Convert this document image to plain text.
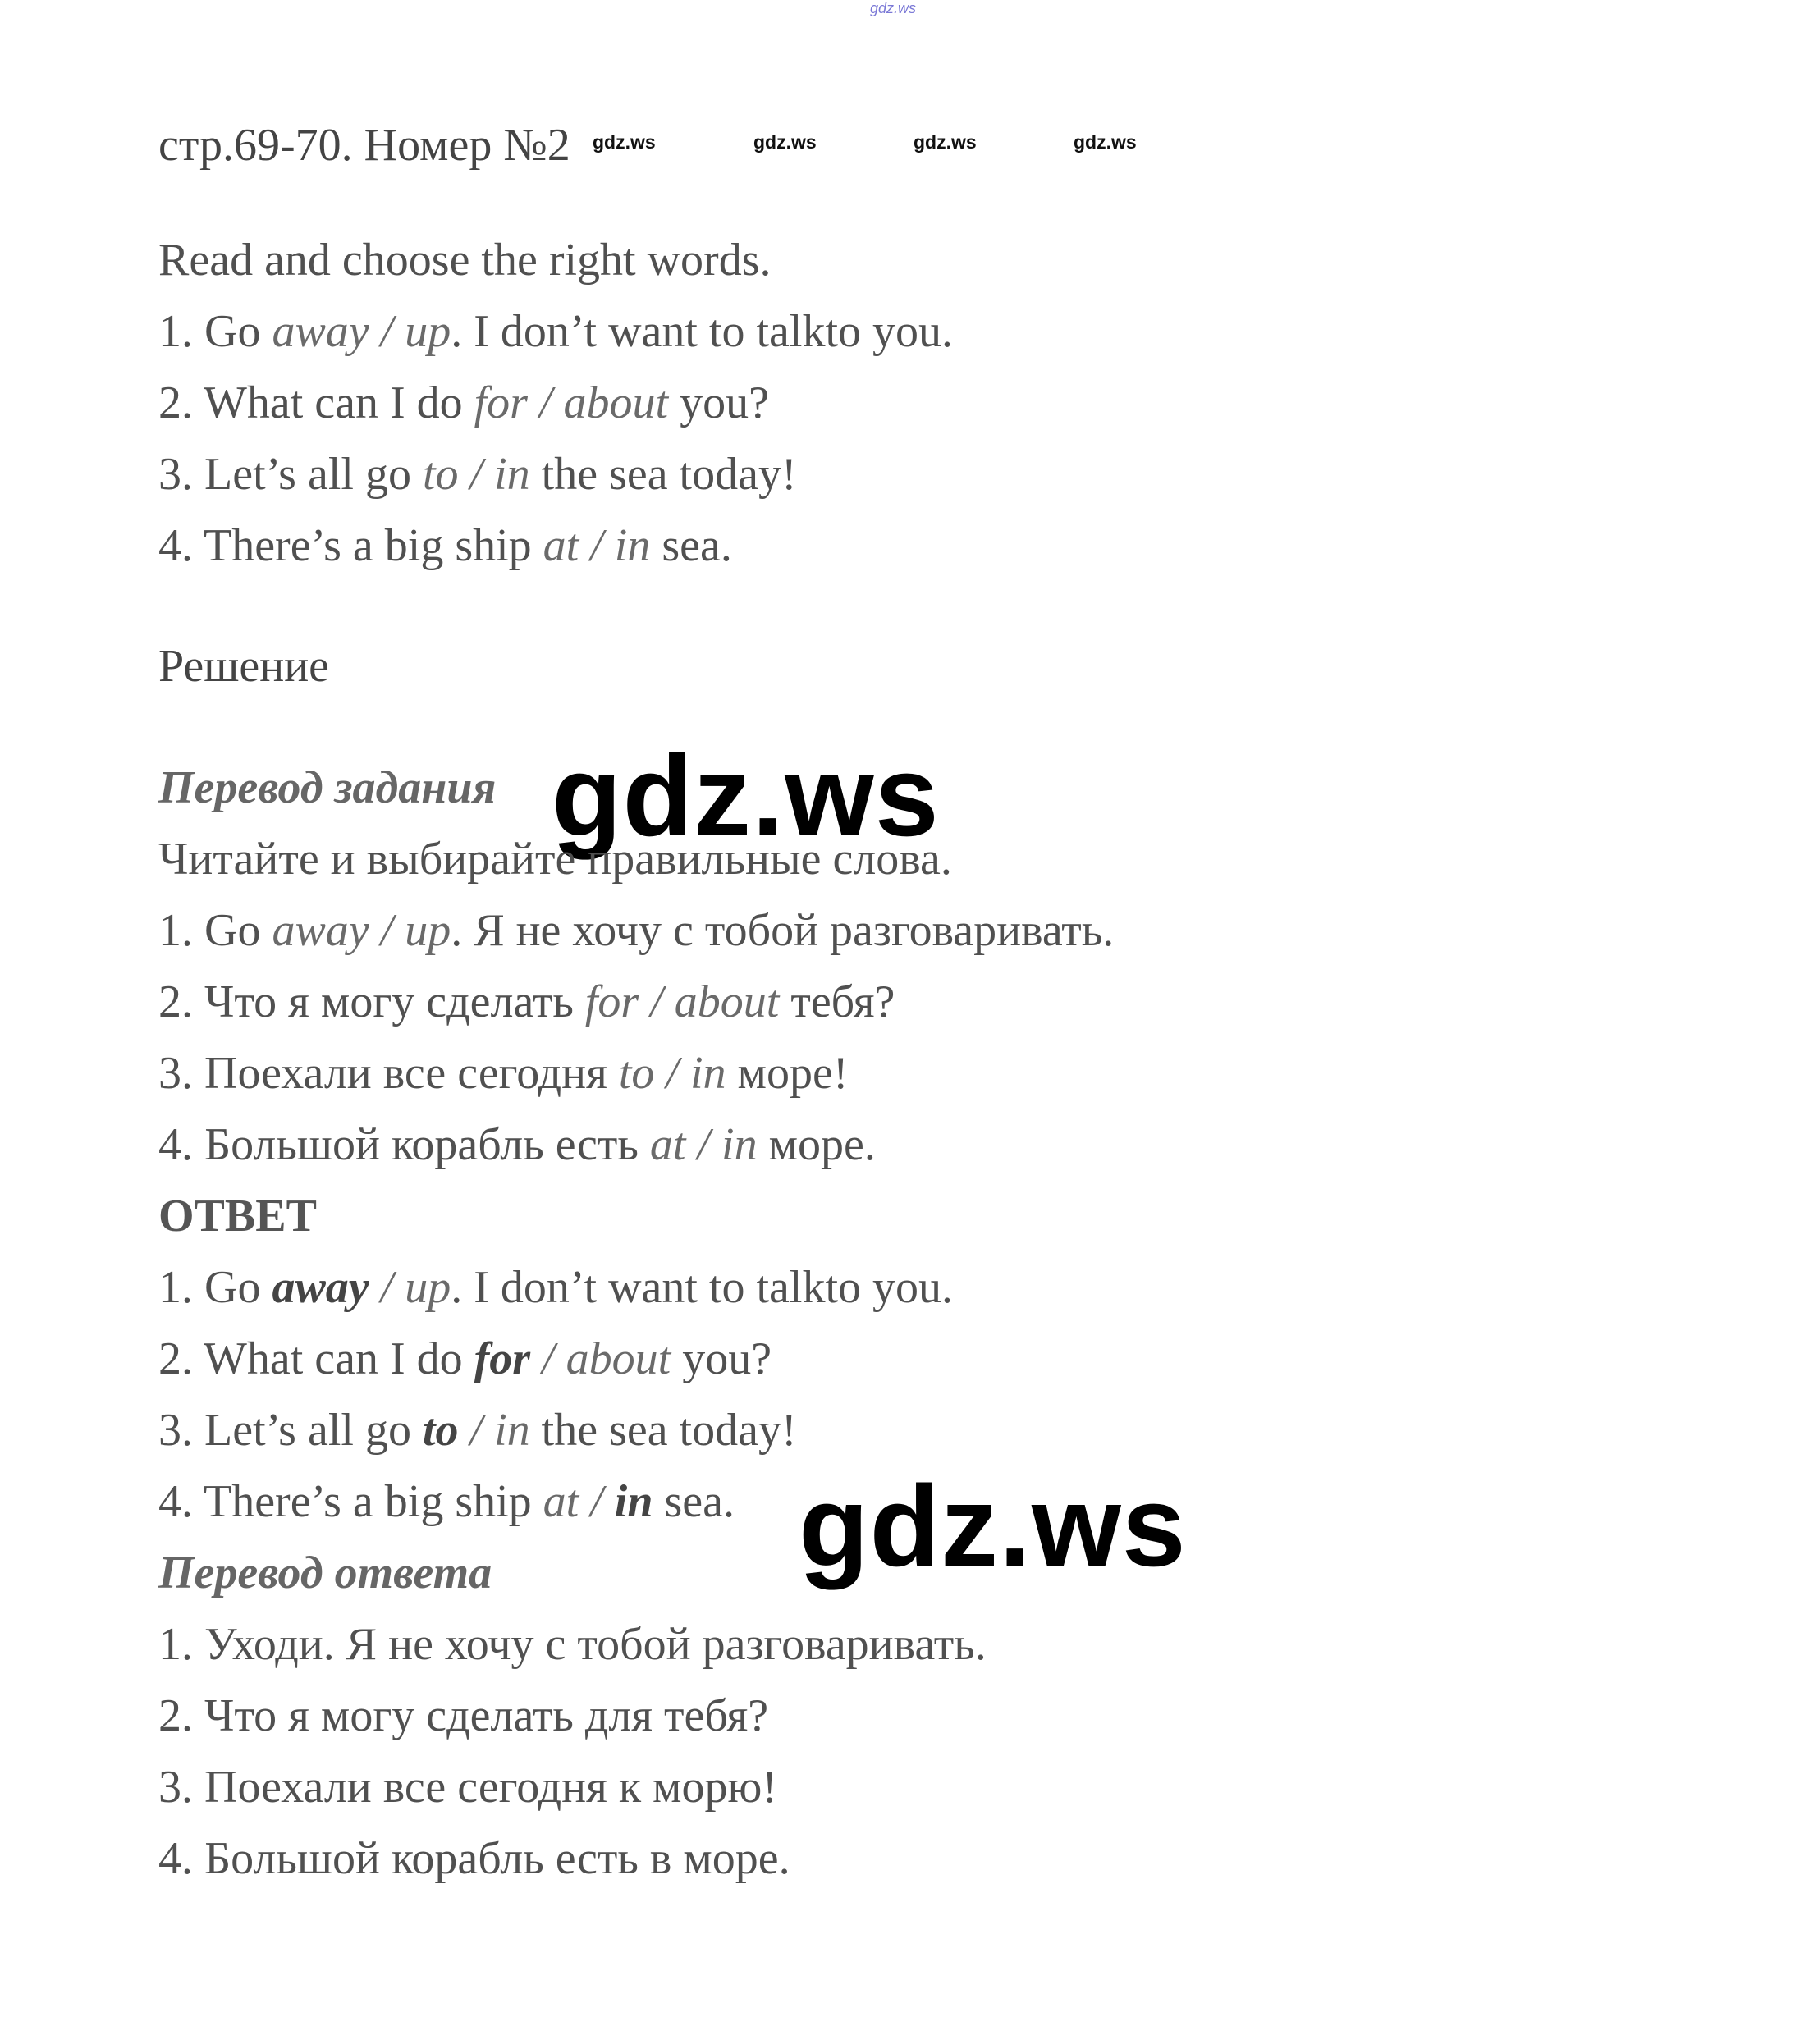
gdz.ws
gdz.ws	gdz.ws	gdz.ws	gdz.ws
стр.69-70. Номер №2
Read and choose the right words.
1. Go away / up. I don’t want to talkto you.
2. What can I do for / about you?
3. Let’s all go to / in the sea today!
4. There’s a big ship at / in sea.
Решение
Перевод задания gdz.ws
Читайте и выбирайте правильные слова.
1. Go away / up. Я не хочу с тобой разговаривать.
2. Что я могу сделать for / about тебя?
3. Поехали все сегодня to / in море!
4. Большой корабль есть at / in море.
ОТВЕТ
1. Go away / up. I don’t want to talkto you.
2. What can I do for / about you?
3. Let’s all go to / in the sea today!
4. There’s a big ship at / in sea. gdz.ws
Перевод ответа
1. Уходи. Я не хочу с тобой разговаривать.
2. Что я могу сделать для тебя?
3. Поехали все сегодня к морю!
4. Большой корабль есть в море.
